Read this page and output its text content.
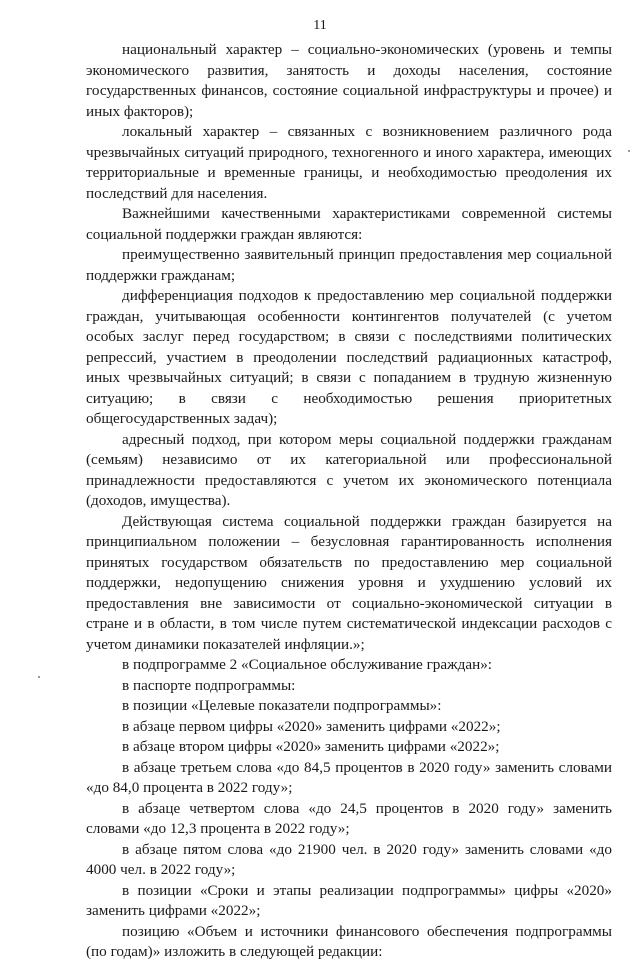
11

национальный характер – социально-экономических (уровень и темпы экономического развития, занятость и доходы населения, состояние государственных финансов, состояние социальной инфраструктуры и прочее) и иных факторов);

локальный характер – связанных с возникновением различного рода чрезвычайных ситуаций природного, техногенного и иного характера, имеющих территориальные и временные границы, и необходимостью преодоления их последствий для населения.

Важнейшими качественными характеристиками современной системы социальной поддержки граждан являются:

преимущественно заявительный принцип предоставления мер социальной поддержки гражданам;

дифференциация подходов к предоставлению мер социальной поддержки граждан, учитывающая особенности контингентов получателей (с учетом особых заслуг перед государством; в связи с последствиями политических репрессий, участием в преодолении последствий радиационных катастроф, иных чрезвычайных ситуаций; в связи с попаданием в трудную жизненную ситуацию; в связи с необходимостью решения приоритетных общегосударственных задач);

адресный подход, при котором меры социальной поддержки гражданам (семьям) независимо от их категориальной или профессиональной принадлежности предоставляются с учетом их экономического потенциала (доходов, имущества).

Действующая система социальной поддержки граждан базируется на принципиальном положении – безусловная гарантированность исполнения принятых государством обязательств по предоставлению мер социальной поддержки, недопущению снижения уровня и ухудшению условий их предоставления вне зависимости от социально-экономической ситуации в стране и в области, в том числе путем систематической индексации расходов с учетом динамики показателей инфляции.»;

в подпрограмме 2 «Социальное обслуживание граждан»:

в паспорте подпрограммы:

в позиции «Целевые показатели подпрограммы»:

в абзаце первом цифры «2020» заменить цифрами «2022»;

в абзаце втором цифры «2020» заменить цифрами «2022»;

в абзаце третьем слова «до 84,5 процентов в 2020 году» заменить словами «до 84,0 процента в 2022 году»;

в абзаце четвертом слова «до 24,5 процентов в 2020 году» заменить словами «до 12,3 процента в 2022 году»;

в абзаце пятом слова «до 21900 чел. в 2020 году» заменить словами «до 4000 чел. в 2022 году»;

в позиции «Сроки и этапы реализации подпрограммы» цифры «2020» заменить цифрами «2022»;

позицию «Объем и источники финансового обеспечения подпрограммы (по годам)» изложить в следующей редакции:
